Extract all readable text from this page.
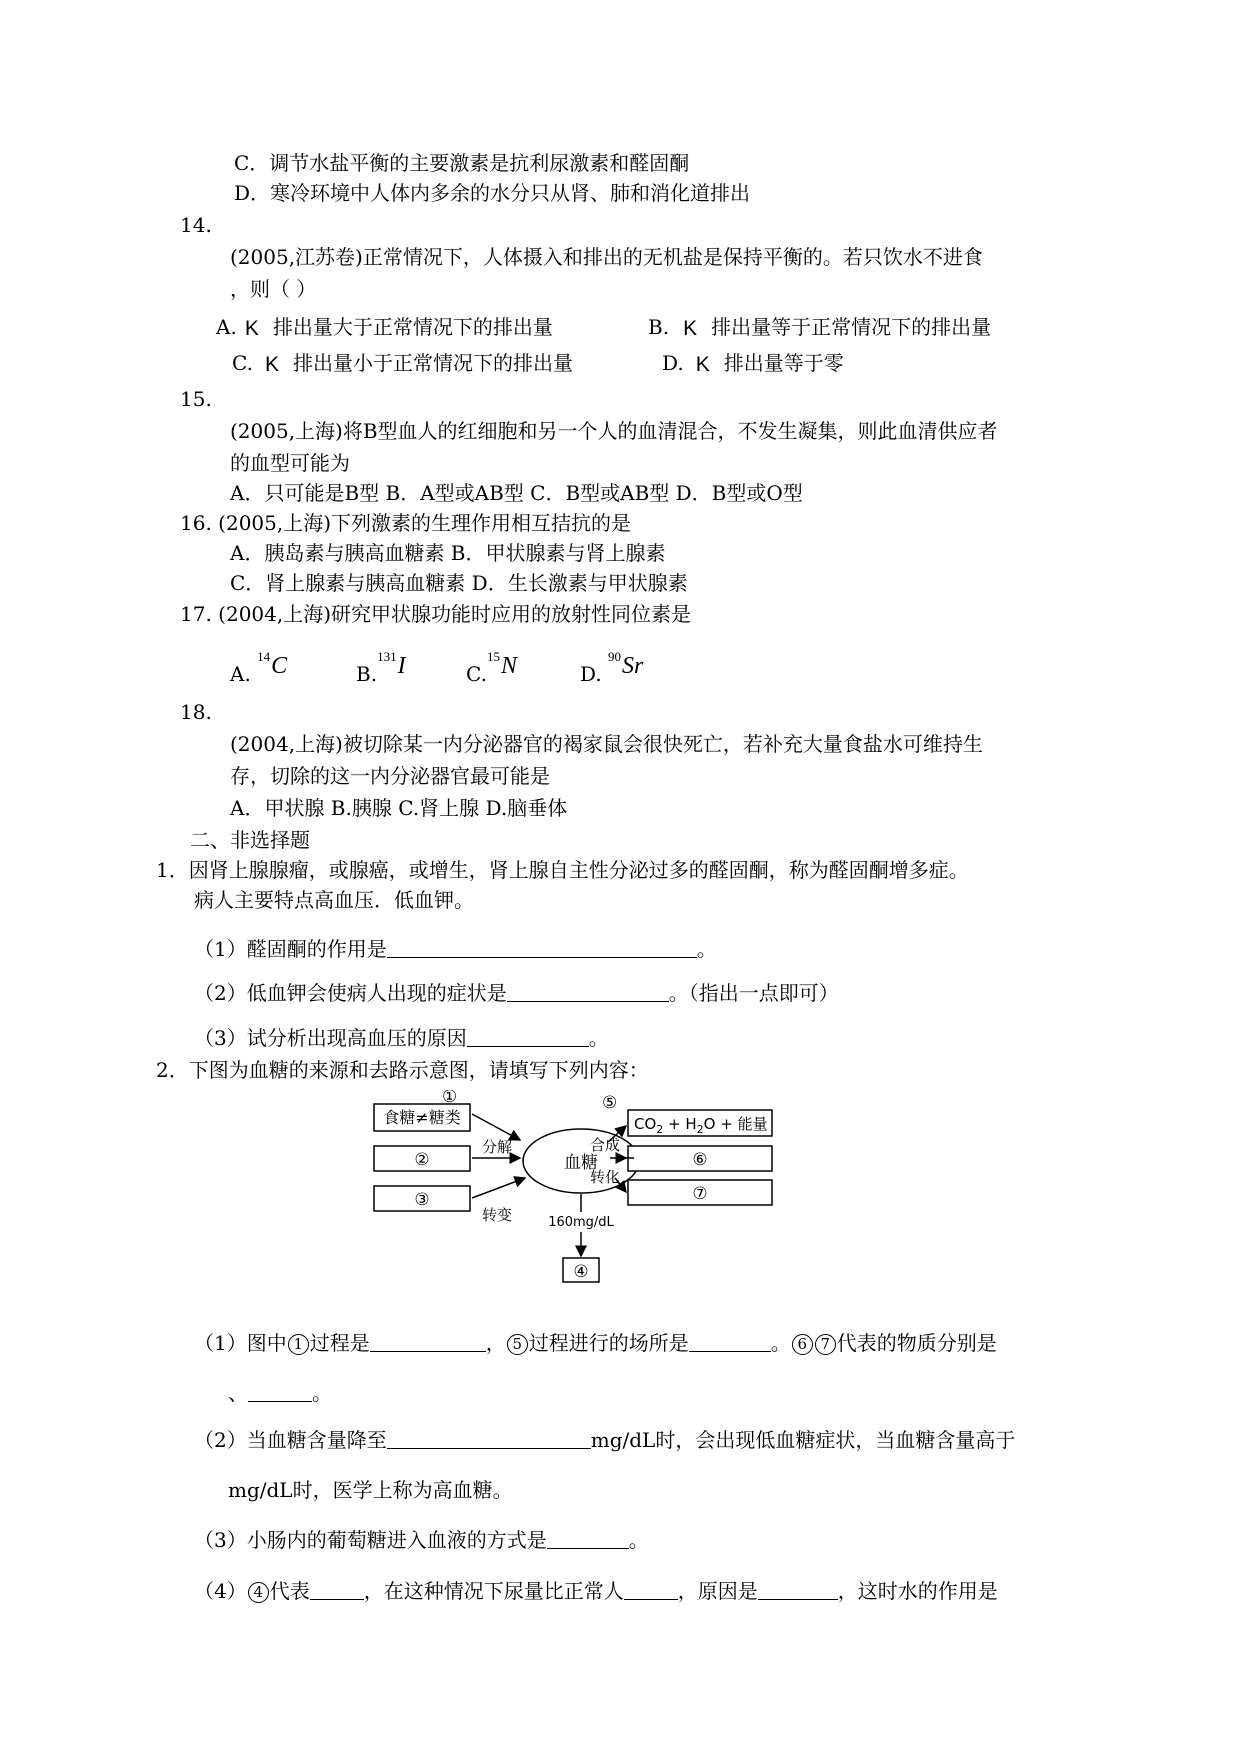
C．调节水盐平衡的主要激素是抗利尿激素和醛固酮
D．寒冷环境中人体内多余的水分只从肾、肺和消化道排出
14.
(2005,江苏卷)正常情况下，人体摄入和排出的无机盐是保持平衡的。若只饮水不进食
，则（ ）
A. K 排出量大于正常情况下的排出量	B. K 排出量等于正常情况下的排出量
C. K 排出量小于正常情况下的排出量	D. K 排出量等于零
15.
(2005,上海)将B型血人的红细胞和另一个人的血清混合，不发生凝集，则此血清供应者
的血型可能为
A．只可能是B型 B．A型或AB型 C．B型或AB型 D．B型或O型
16. (2005,上海)下列激素的生理作用相互拮抗的是
A．胰岛素与胰高血糖素 B．甲状腺素与肾上腺素
C．肾上腺素与胰高血糖素 D．生长激素与甲状腺素
17. (2004,上海)研究甲状腺功能时应用的放射性同位素是
A. $^{14}$C	B.$^{131}$I	C.$^{15}$N	D. $^{90}$Sr
18.
(2004,上海)被切除某一内分泌器官的褐家鼠会很快死亡，若补充大量食盐水可维持生
存，切除的这一内分泌器官最可能是
A．甲状腺 B.胰腺 C.肾上腺 D.脑垂体
二、非选择题
1．因肾上腺腺瘤，或腺癌，或增生，肾上腺自主性分泌过多的醛固酮，称为醛固酮增多症。
病人主要特点高血压．低血钾。
（1）醛固酮的作用是	。
（2）低血钾会使病人出现的症状是	。（指出一点即可）
（3）试分析出现高血压的原因	。
2．下图为血糖的来源和去路示意图，请填写下列内容：
食糖≠糖类
②
③
血糖
①
分解
转变
$CO_2 + H_2O$ + 能量
⑤
⑥
合成
⑦
转化
160mg/dL
④
（1）图中 1 过程是	， 5 过程进行的场所是	。 6 7 代表的物质分别是
、	。
（2）当血糖含量降至	mg/dL时，会出现低血糖症状，当血糖含量高于
mg/dL时，医学上称为高血糖。
（3）小肠内的葡萄糖进入血液的方式是	。
（4） 4 代表	，在这种情况下尿量比正常人	，原因是	，这时水的作用是
